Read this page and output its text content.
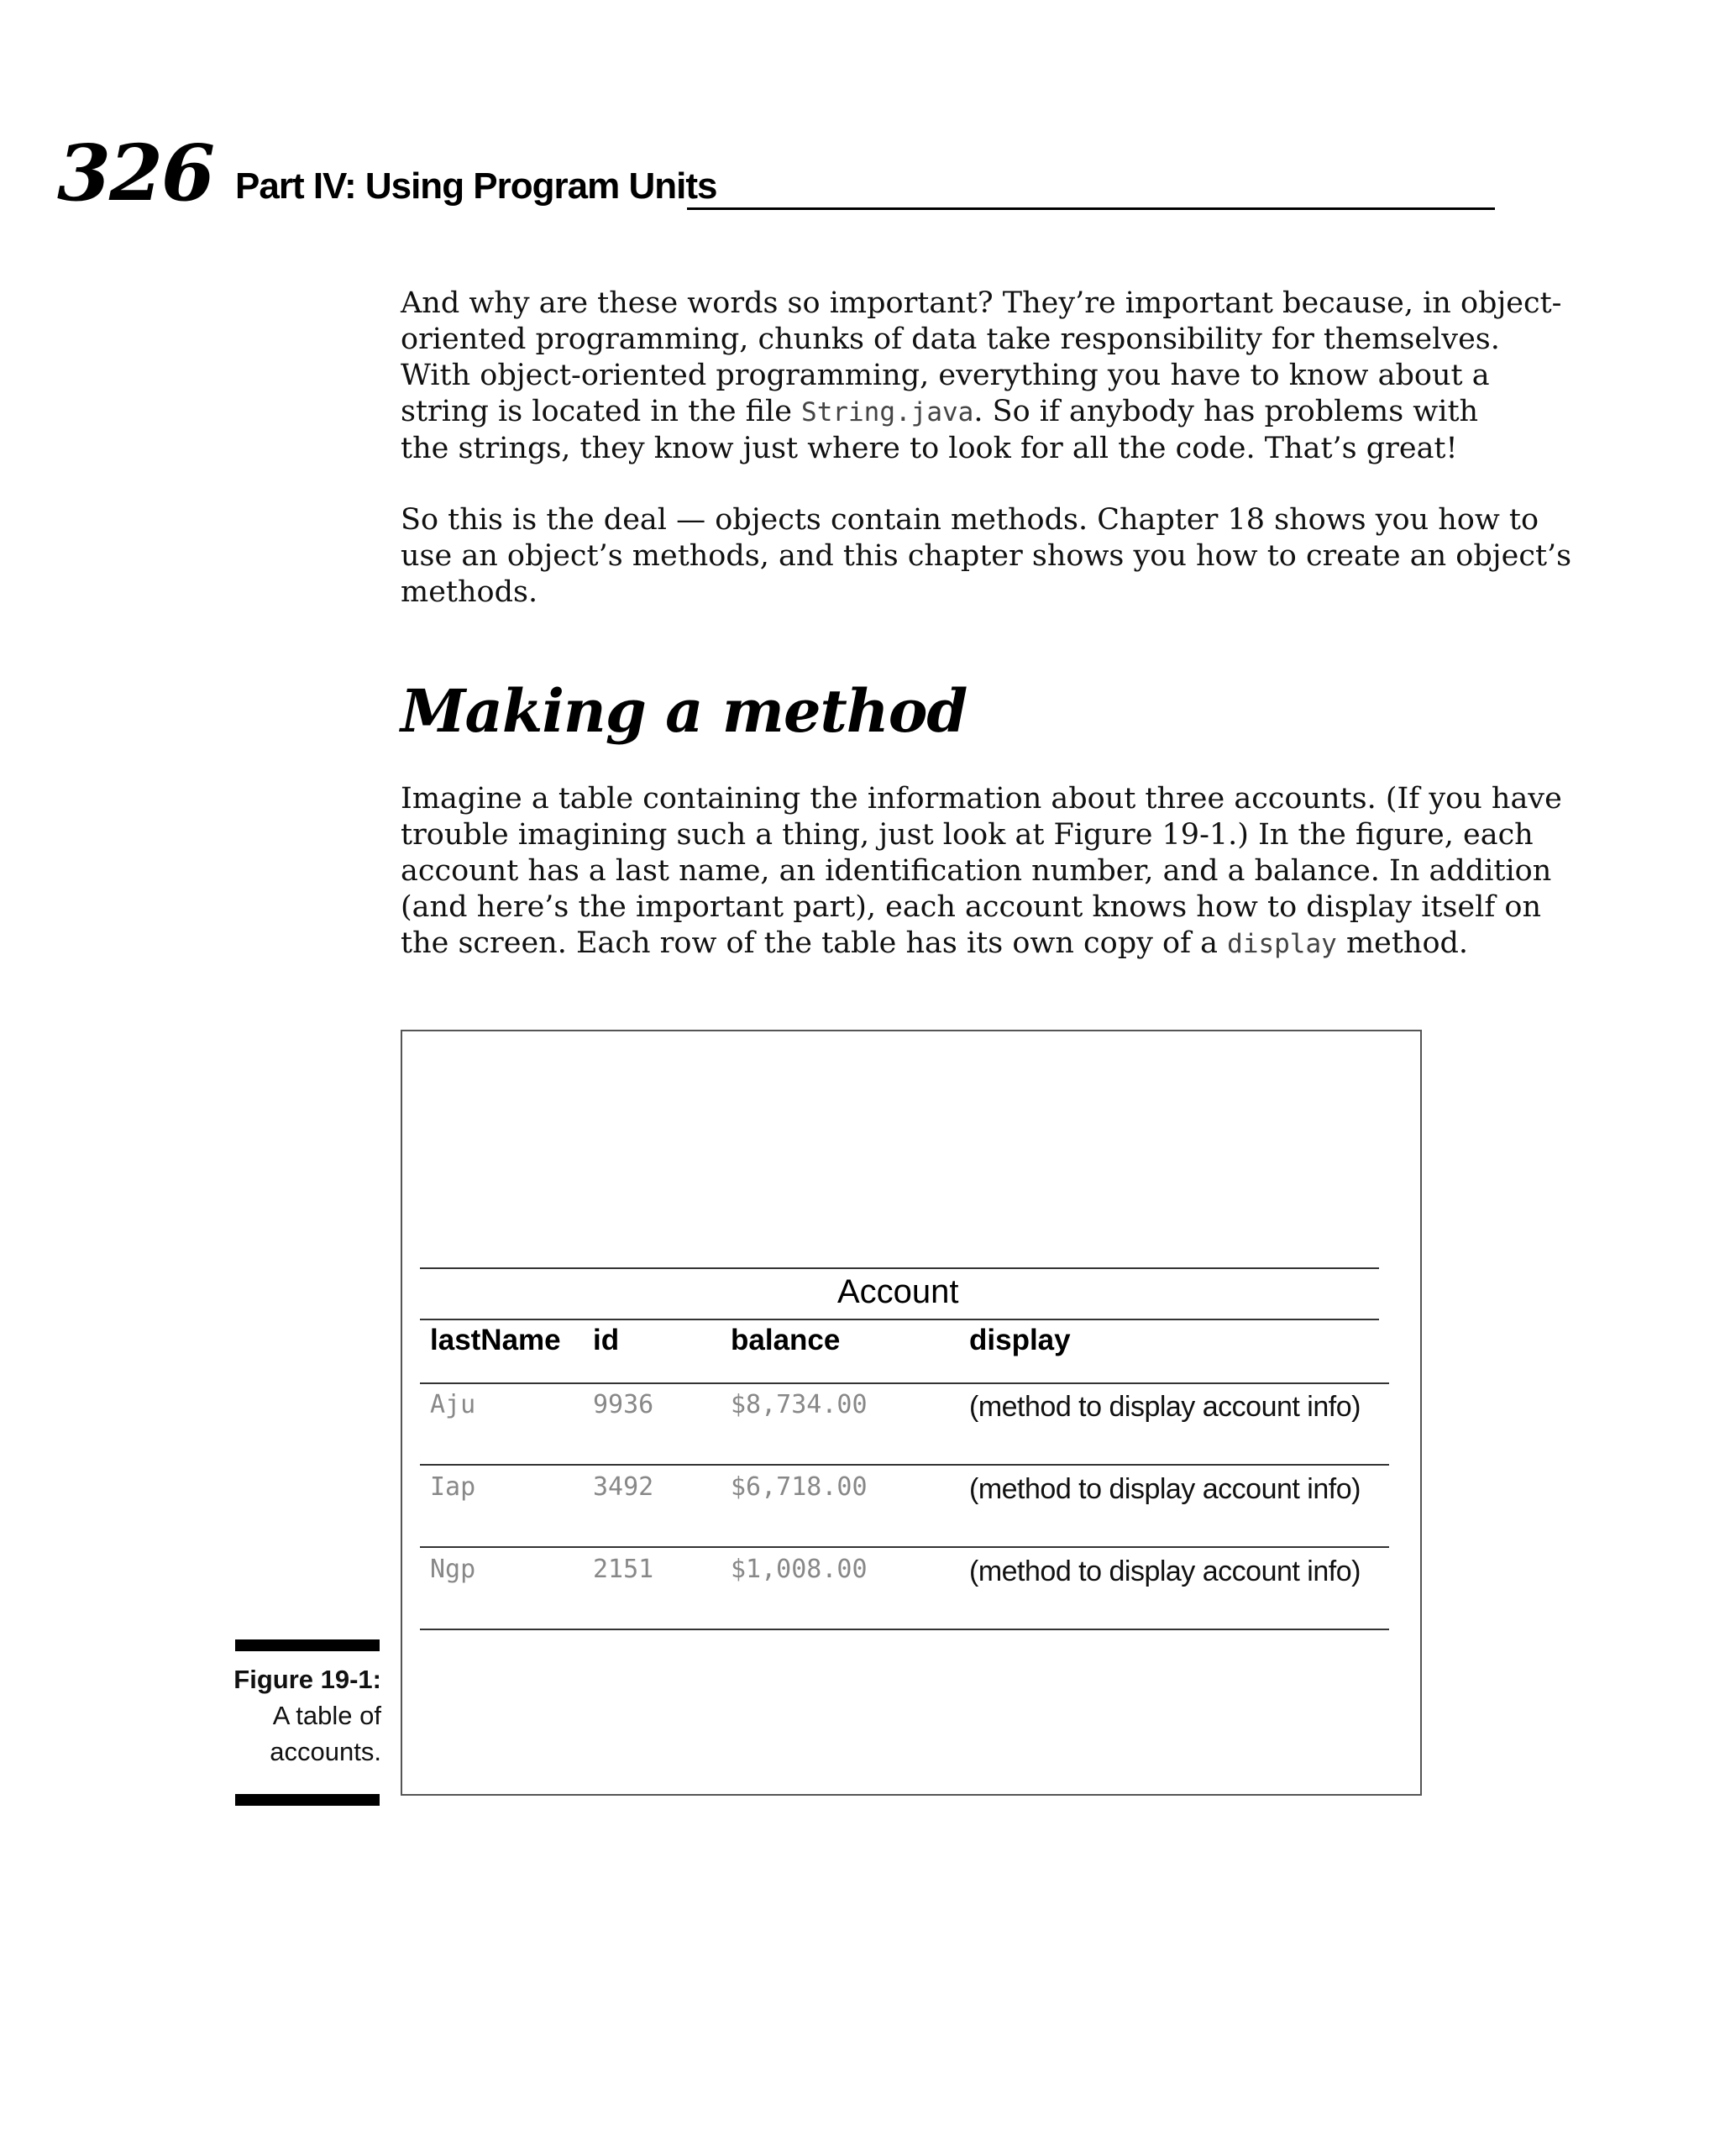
326 Part IV: Using Program Units

And why are these words so important? They’re important because, in object-
oriented programming, chunks of data take responsibility for themselves.
With object-oriented programming, everything you have to know about a
string is located in the file String.java. So if anybody has problems with
the strings, they know just where to look for all the code. That’s great!

So this is the deal — objects contain methods. Chapter 18 shows you how to
use an object’s methods, and this chapter shows you how to create an object’s
methods.

Making a method

Imagine a table containing the information about three accounts. (If you have
trouble imagining such a thing, just look at Figure 19-1.) In the figure, each
account has a last name, an identification number, and a balance. In addition
(and here’s the important part), each account knows how to display itself on
the screen. Each row of the table has its own copy of a display method.

Account
lastName id	balance	display
Aju	9936	$8,734.00	(method to display account info)
Iap	3492	$6,718.00	(method to display account info)
Ngp	2151	$1,008.00	(method to display account info)
Figure 19-1:
A table of
accounts.
